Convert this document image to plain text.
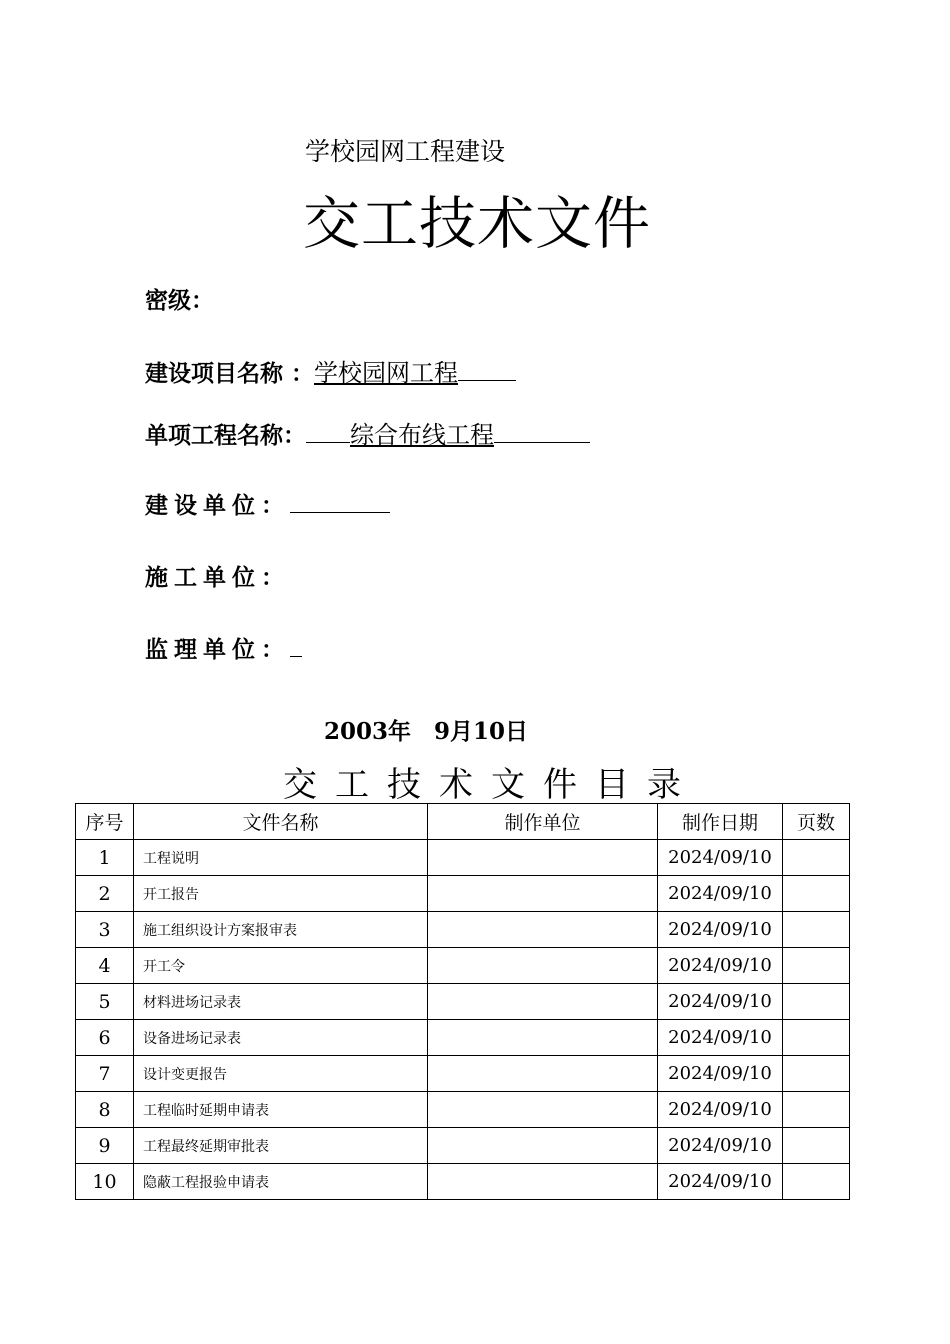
学校园网工程建设
交工技术文件
密级：
建设项目名称 ：学校园网工程
单项工程名称： 综合布线工程
建设单位：
施工单位：
监理单位：
2003年　9月10日
交工技术文件目录
序号	文件名称	制作单位	制作日期	页数
1	工程说明		2024/09/10	
2	开工报告		2024/09/10	
3	施工组织设计方案报审表		2024/09/10	
4	开工令		2024/09/10	
5	材料进场记录表		2024/09/10	
6	设备进场记录表		2024/09/10	
7	设计变更报告		2024/09/10	
8	工程临时延期申请表		2024/09/10	
9	工程最终延期审批表		2024/09/10	
10	隐蔽工程报验申请表		2024/09/10	
